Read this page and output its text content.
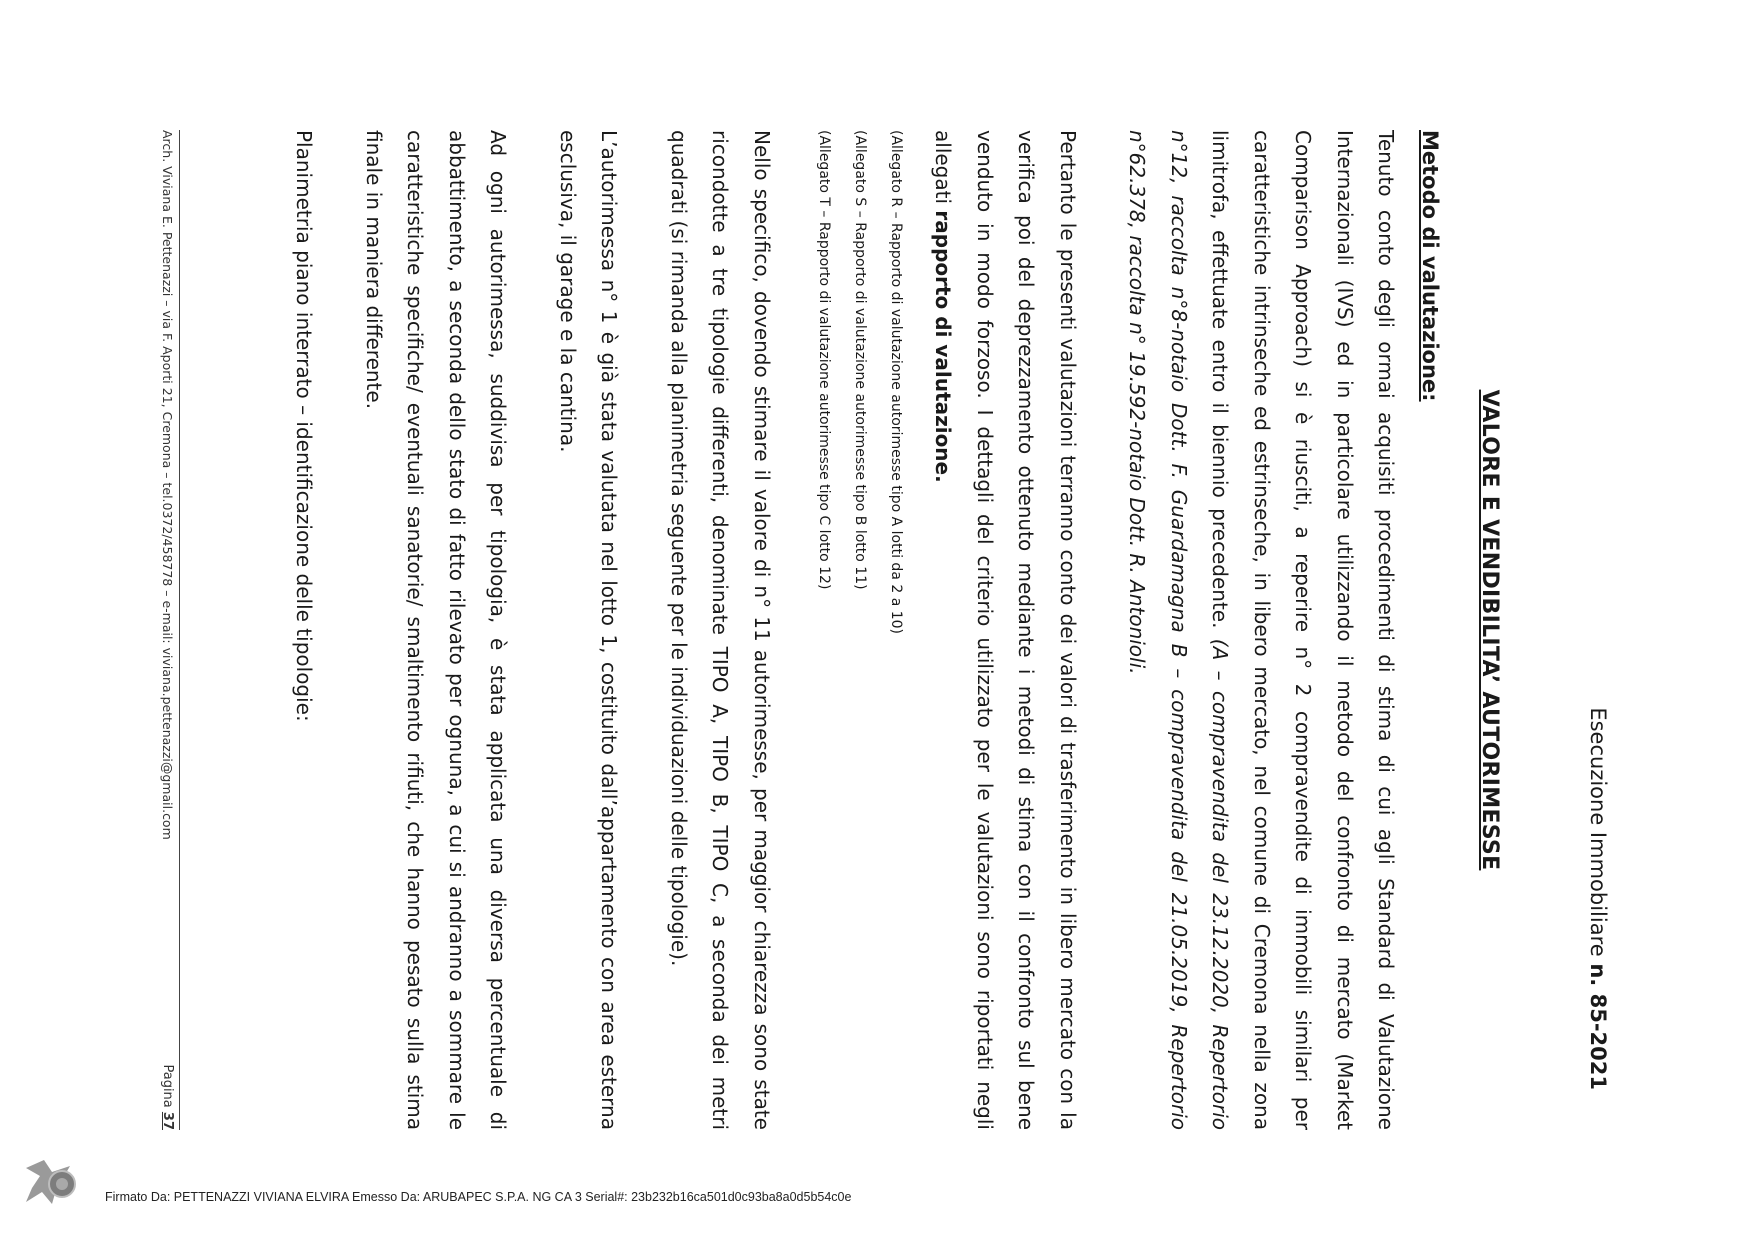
Esecuzione Immobiliare n. 85-2021
VALORE E VENDIBILITA’ AUTORIMESSE
Metodo di valutazione:

Tenuto conto degli ormai acquisiti procedimenti di stima di cui agli Standard di Valutazione Internazionali (IVS) ed in particolare utilizzando il metodo del confronto di mercato (Market Comparison Approach) si è riusciti, a reperire n° 2 compravendite di immobili similari per caratteristiche intrinseche ed estrinseche, in libero mercato, nel comune di Cremona nella zona limitrofa, effettuate entro il biennio precedente. (A – compravendita del 23.12.2020, Repertorio n°12, raccolta n°8-notaio Dott. F. Guardamagna B – compravendita del 21.05.2019, Repertorio n°62.378, raccolta n° 19.592-notaio Dott. R. Antonioli.

Pertanto le presenti valutazioni terranno conto dei valori di trasferimento in libero mercato con la verifica poi del deprezzamento ottenuto mediante i metodi di stima con il confronto sul bene venduto in modo forzoso. I dettagli del criterio utilizzato per le valutazioni sono riportati negli allegati rapporto di valutazione.

(Allegato R – Rapporto di valutazione autorimesse tipo A lotti da 2 a 10)
(Allegato S – Rapporto di valutazione autorimesse tipo B lotto 11)
(Allegato T – Rapporto di valutazione autorimesse tipo C lotto 12)

Nello specifico, dovendo stimare il valore di n° 11 autorimesse, per maggior chiarezza sono state ricondotte a tre tipologie differenti, denominate TIPO A, TIPO B, TIPO C, a seconda dei metri quadrati (si rimanda alla planimetria seguente per le individuazioni delle tipologie).

L’autorimessa n° 1 è già stata valutata nel lotto 1, costituito dall’appartamento con area esterna esclusiva, il garage e la cantina.

Ad ogni autorimessa, suddivisa per tipologia, è stata applicata una diversa percentuale di abbattimento, a seconda dello stato di fatto rilevato per ognuna, a cui si andranno a sommare le caratteristiche specifiche/ eventuali sanatorie/ smaltimento rifiuti, che hanno pesato sulla stima finale in maniera differente.

Planimetria piano interrato – identificazione delle tipologie:

Arch. Viviana E. Pettenazzi – via F. Aporti 21, Cremona – tel.0372/458778 – e-mail: viviana.pettenazzi@gmail.com
Pagina 37
Firmato Da: PETTENAZZI VIVIANA ELVIRA Emesso Da: ARUBAPEC S.P.A. NG CA 3 Serial#: 23b232b16ca501d0c93ba8a0d5b54c0e
